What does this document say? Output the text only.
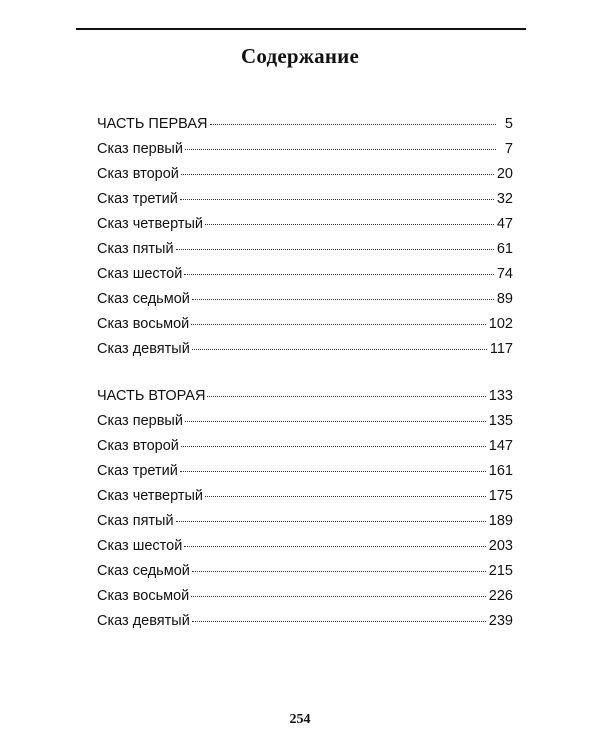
Содержание
ЧАСТЬ ПЕРВАЯ	5
Сказ первый	7
Сказ второй	20
Сказ третий	32
Сказ четвертый	47
Сказ пятый	61
Сказ шестой	74
Сказ седьмой	89
Сказ восьмой	102
Сказ девятый	117
ЧАСТЬ ВТОРАЯ	133
Сказ первый	135
Сказ второй	147
Сказ третий	161
Сказ четвертый	175
Сказ пятый	189
Сказ шестой	203
Сказ седьмой	215
Сказ восьмой	226
Сказ девятый	239
254
